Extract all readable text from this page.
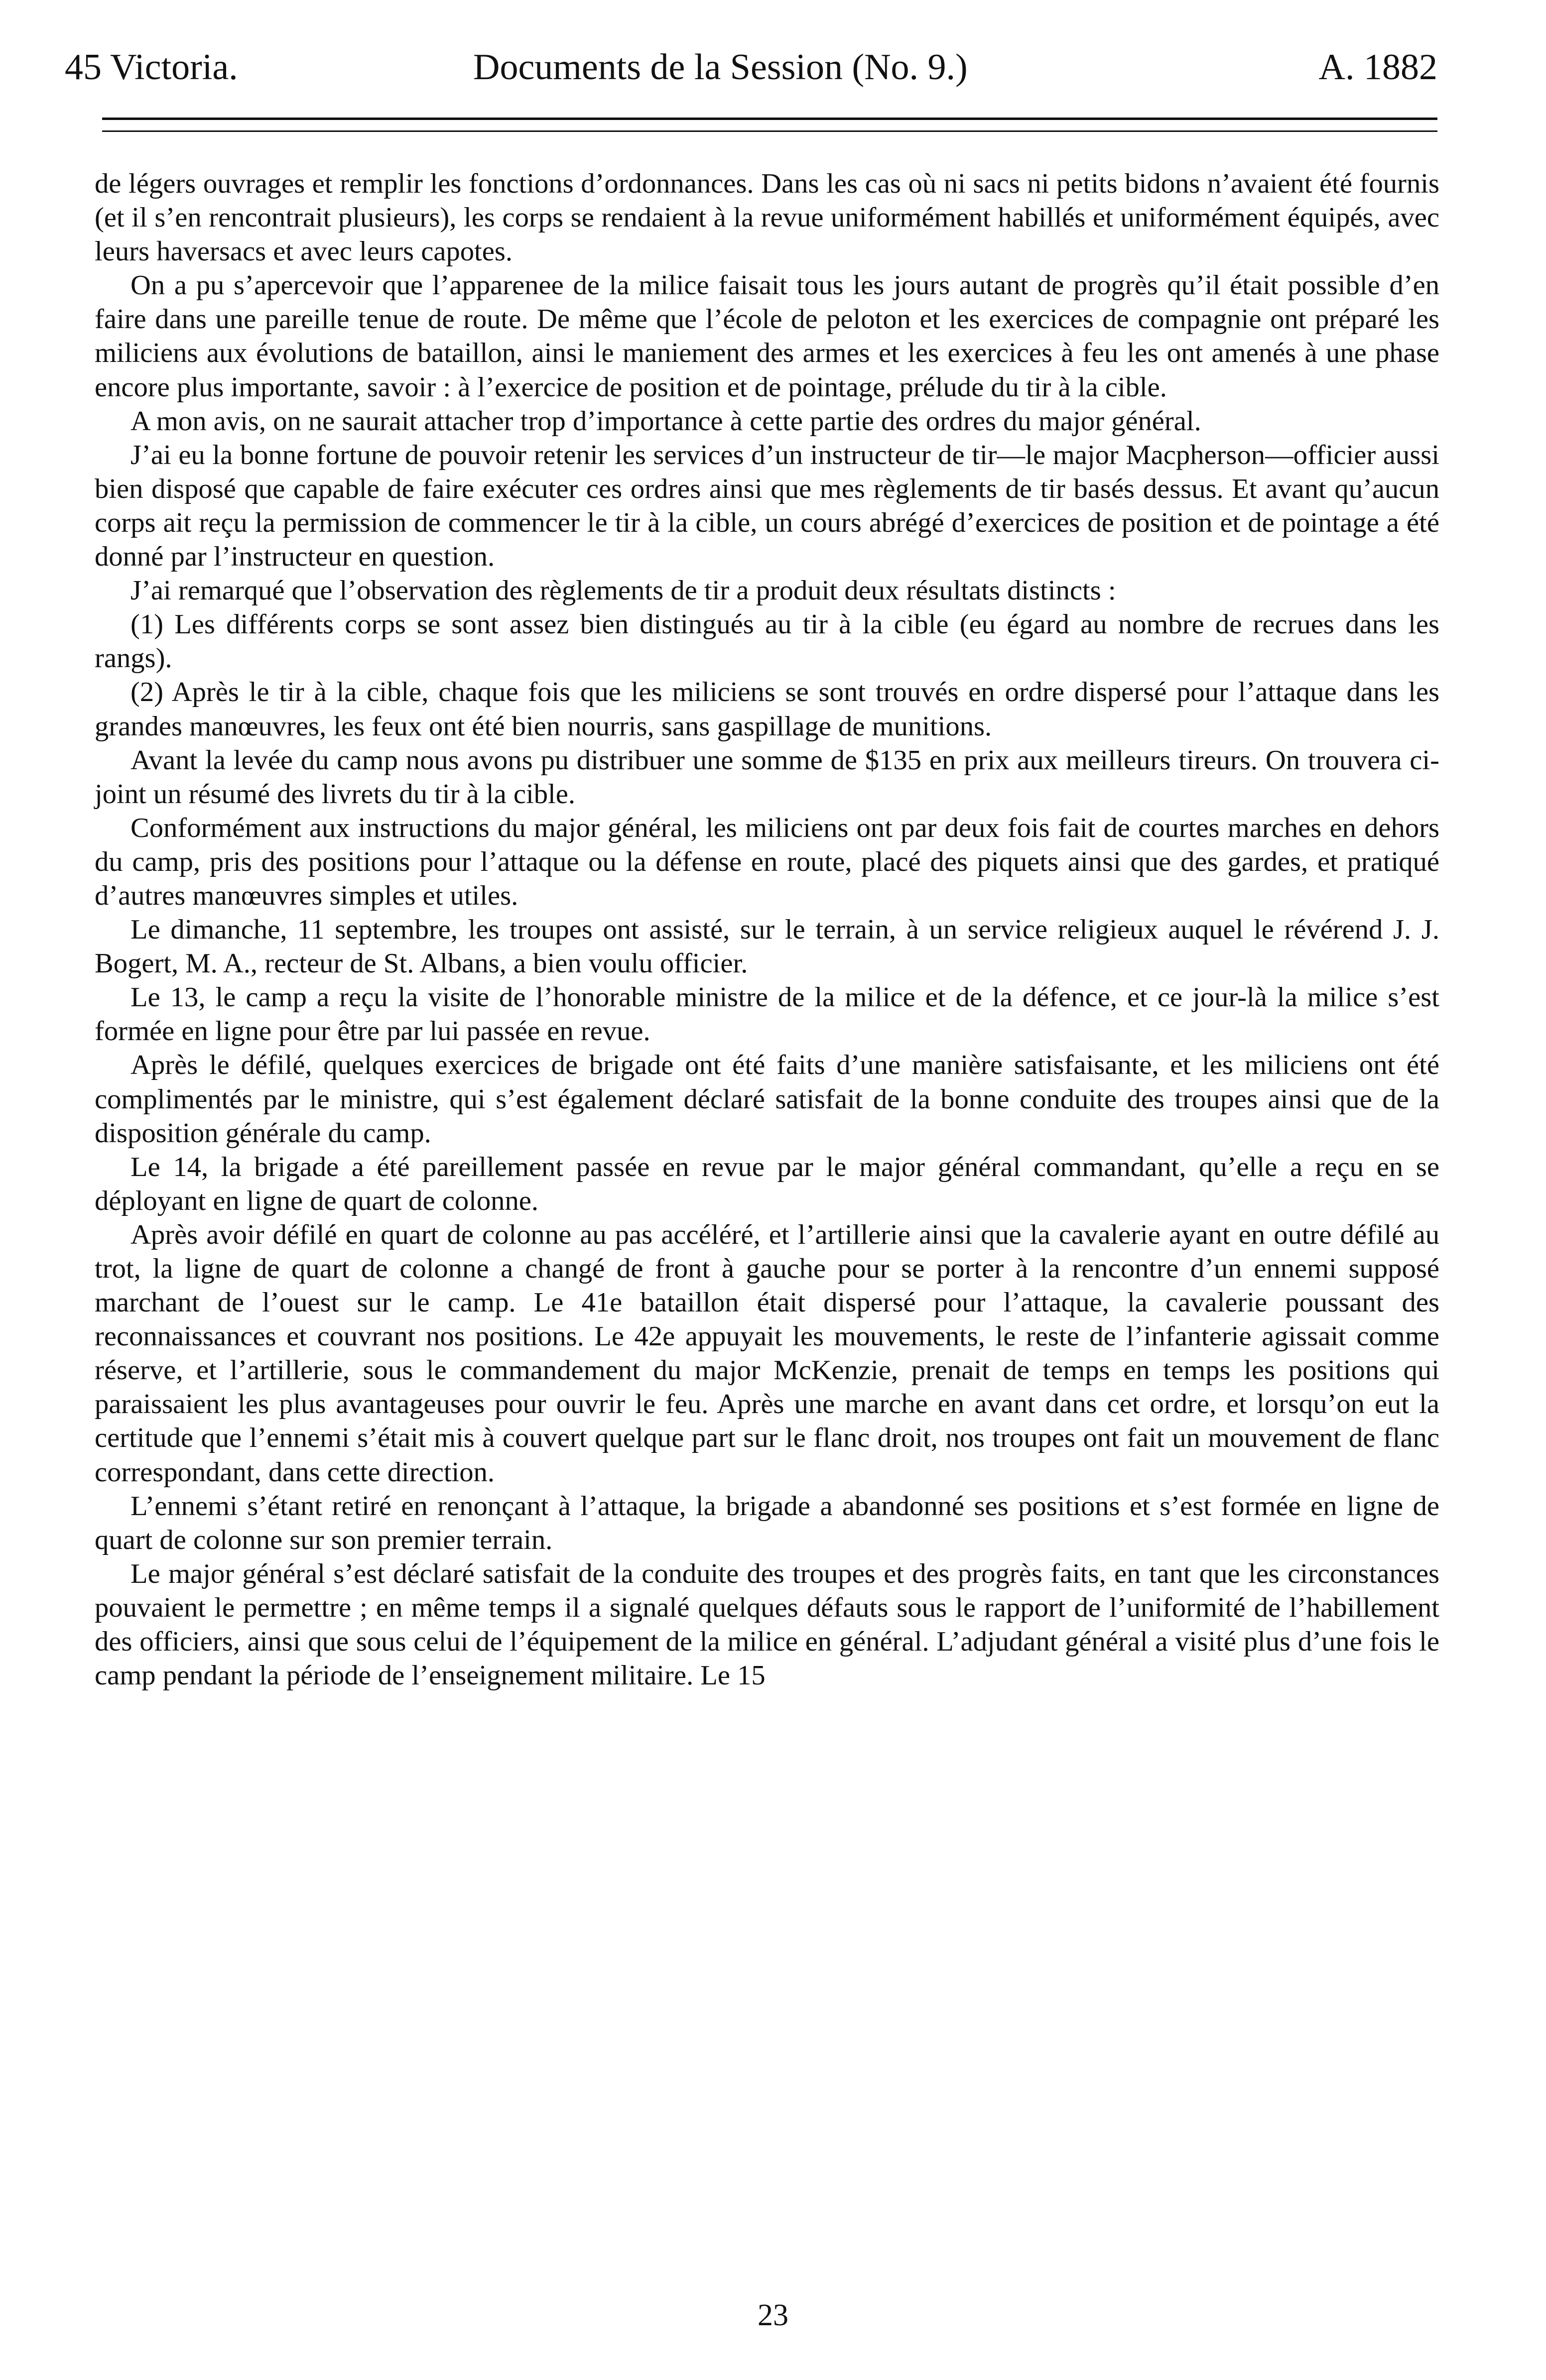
45 Victoria.	Documents de la Session (No. 9.)	A. 1882

de légers ouvrages et remplir les fonctions d’ordonnances. Dans les cas où ni sacs ni petits bidons n’avaient été fournis (et il s’en rencontrait plusieurs), les corps se rendaient à la revue uniformément habillés et uniformément équipés, avec leurs haversacs et avec leurs capotes.

On a pu s’apercevoir que l’apparenee de la milice faisait tous les jours autant de progrès qu’il était possible d’en faire dans une pareille tenue de route. De même que l’école de peloton et les exercices de compagnie ont préparé les miliciens aux évolutions de bataillon, ainsi le maniement des armes et les exercices à feu les ont amenés à une phase encore plus importante, savoir : à l’exercice de position et de pointage, prélude du tir à la cible.

A mon avis, on ne saurait attacher trop d’importance à cette partie des ordres du major général.

J’ai eu la bonne fortune de pouvoir retenir les services d’un instructeur de tir—le major Macpherson—officier aussi bien disposé que capable de faire exécuter ces ordres ainsi que mes règlements de tir basés dessus. Et avant qu’aucun corps ait reçu la permission de commencer le tir à la cible, un cours abrégé d’exercices de position et de pointage a été donné par l’instructeur en question.

J’ai remarqué que l’observation des règlements de tir a produit deux résultats distincts :

(1) Les différents corps se sont assez bien distingués au tir à la cible (eu égard au nombre de recrues dans les rangs).

(2) Après le tir à la cible, chaque fois que les miliciens se sont trouvés en ordre dispersé pour l’attaque dans les grandes manœuvres, les feux ont été bien nourris, sans gaspillage de munitions.

Avant la levée du camp nous avons pu distribuer une somme de $135 en prix aux meilleurs tireurs. On trouvera ci-joint un résumé des livrets du tir à la cible.

Conformément aux instructions du major général, les miliciens ont par deux fois fait de courtes marches en dehors du camp, pris des positions pour l’attaque ou la défense en route, placé des piquets ainsi que des gardes, et pratiqué d’autres manœuvres simples et utiles.

Le dimanche, 11 septembre, les troupes ont assisté, sur le terrain, à un service religieux auquel le révérend J. J. Bogert, M. A., recteur de St. Albans, a bien voulu officier.

Le 13, le camp a reçu la visite de l’honorable ministre de la milice et de la défence, et ce jour-là la milice s’est formée en ligne pour être par lui passée en revue.

Après le défilé, quelques exercices de brigade ont été faits d’une manière satisfaisante, et les miliciens ont été complimentés par le ministre, qui s’est également déclaré satisfait de la bonne conduite des troupes ainsi que de la disposition générale du camp.

Le 14, la brigade a été pareillement passée en revue par le major général commandant, qu’elle a reçu en se déployant en ligne de quart de colonne.

Après avoir défilé en quart de colonne au pas accéléré, et l’artillerie ainsi que la cavalerie ayant en outre défilé au trot, la ligne de quart de colonne a changé de front à gauche pour se porter à la rencontre d’un ennemi supposé marchant de l’ouest sur le camp. Le 41e bataillon était dispersé pour l’attaque, la cavalerie poussant des reconnaissances et couvrant nos positions. Le 42e appuyait les mouvements, le reste de l’infanterie agissait comme réserve, et l’artillerie, sous le commandement du major McKenzie, prenait de temps en temps les positions qui paraissaient les plus avantageuses pour ouvrir le feu. Après une marche en avant dans cet ordre, et lorsqu’on eut la certitude que l’ennemi s’était mis à couvert quelque part sur le flanc droit, nos troupes ont fait un mouvement de flanc correspondant, dans cette direction.

L’ennemi s’étant retiré en renonçant à l’attaque, la brigade a abandonné ses positions et s’est formée en ligne de quart de colonne sur son premier terrain.

Le major général s’est déclaré satisfait de la conduite des troupes et des progrès faits, en tant que les circonstances pouvaient le permettre ; en même temps il a signalé quelques défauts sous le rapport de l’uniformité de l’habillement des officiers, ainsi que sous celui de l’équipement de la milice en général. L’adjudant général a visité plus d’une fois le camp pendant la période de l’enseignement militaire. Le 15

23
